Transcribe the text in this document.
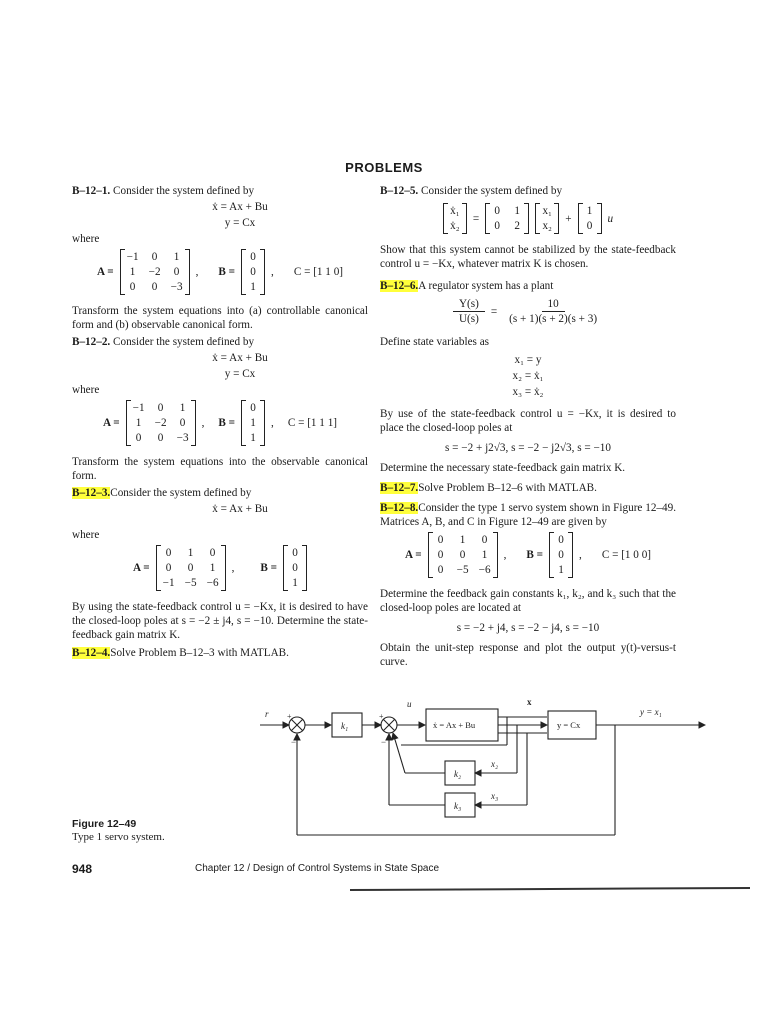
PROBLEMS

B–12–1. Consider the system defined by

ẋ = Ax + Bu
y = Cx

where

A =
−1	0	1
1	−2	0
0	0	−3
, B =
0
0
1
, C = [1 1 0]

Transform the system equations into (a) controllable canonical form and (b) observable canonical form.

B–12–2. Consider the system defined by

ẋ = Ax + Bu
y = Cx

where

A =
−1	0	1
1	−2	0
0	0	−3
, B =
0
1
1
, C = [1 1 1]

Transform the system equations into the observable canonical form.

B–12–3.Consider the system defined by

ẋ = Ax + Bu

where

A =
0	1	0
0	0	1
−1 −5 −6
, B =
0
0
1

By using the state-feedback control u = −Kx, it is desired to have the closed-loop poles at s = −2 ± j4, s = −10. Determine the state-feedback gain matrix K.

B–12–4.Solve Problem B–12–3 with MATLAB.

B–12–5. Consider the system defined by

ẋ₁
ẋ₂
=
0 1
0 2
x₁
x₂
+
1
0
u

Show that this system cannot be stabilized by the state-feedback control u = −Kx, whatever matrix K is chosen.

B–12–6.A regulator system has a plant

$\frac{Y(s)}{U(s)} = \frac{10}{(s + 1)(s + 2)(s + 3)}$

Define state variables as

x₁ = y
x₂ = ẋ₁
x₃ = ẋ₂

By use of the state-feedback control u = −Kx, it is desired to place the closed-loop poles at

s = −2 + j2√3, s = −2 − j2√3, s = −10

Determine the necessary state-feedback gain matrix K.

B–12–7.Solve Problem B–12–6 with MATLAB.

B–12–8.Consider the type 1 servo system shown in Figure 12–49. Matrices A, B, and C in Figure 12–49 are given by

A =
0	1	0
0	0	1
0	−5 −6
, B =
0
0
1
, C = [1 0 0]

Determine the feedback gain constants k₁, k₂, and k₃ such that the closed-loop poles are located at

s = −2 + j4, s = −2 − j4, s = −10

Obtain the unit-step response and plot the output y(t)-versus-t curve.

r
u	x
k₁
k₂
k₃
x₂
x₃
ẋ = Ax + Bu	y = Cx
y = x₁
+
−
+
−
Figure 12–49
Type 1 servo system.
948	Chapter 12 / Design of Control Systems in State Space
